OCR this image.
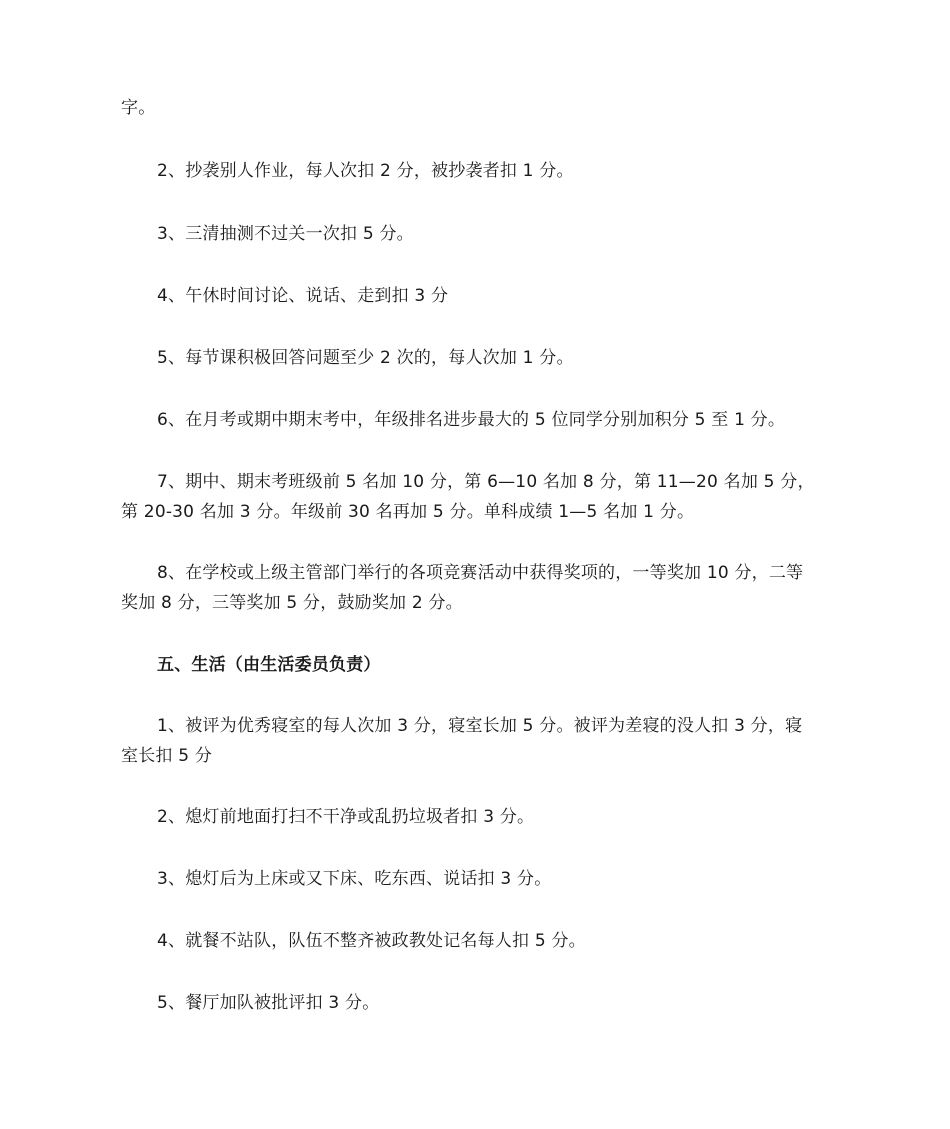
字。
2、抄袭别人作业，每人次扣 2 分，被抄袭者扣 1 分。
3、三清抽测不过关一次扣 5 分。
4、午休时间讨论、说话、走到扣 3 分
5、每节课积极回答问题至少 2 次的，每人次加 1 分。
6、在月考或期中期末考中，年级排名进步最大的 5 位同学分别加积分 5 至 1 分。
7、期中、期末考班级前 5 名加 10 分，第 6—10 名加 8 分，第 11—20 名加 5 分，
第 20-30 名加 3 分。年级前 30 名再加 5 分。单科成绩 1—5 名加 1 分。
8、在学校或上级主管部门举行的各项竞赛活动中获得奖项的，一等奖加 10 分，二等
奖加 8 分，三等奖加 5 分，鼓励奖加 2 分。
五、生活（由生活委员负责）
1、被评为优秀寝室的每人次加 3 分，寝室长加 5 分。被评为差寝的没人扣 3 分，寝
室长扣 5 分
2、熄灯前地面打扫不干净或乱扔垃圾者扣 3 分。
3、熄灯后为上床或又下床、吃东西、说话扣 3 分。
4、就餐不站队，队伍不整齐被政教处记名每人扣 5 分。
5、餐厅加队被批评扣 3 分。
